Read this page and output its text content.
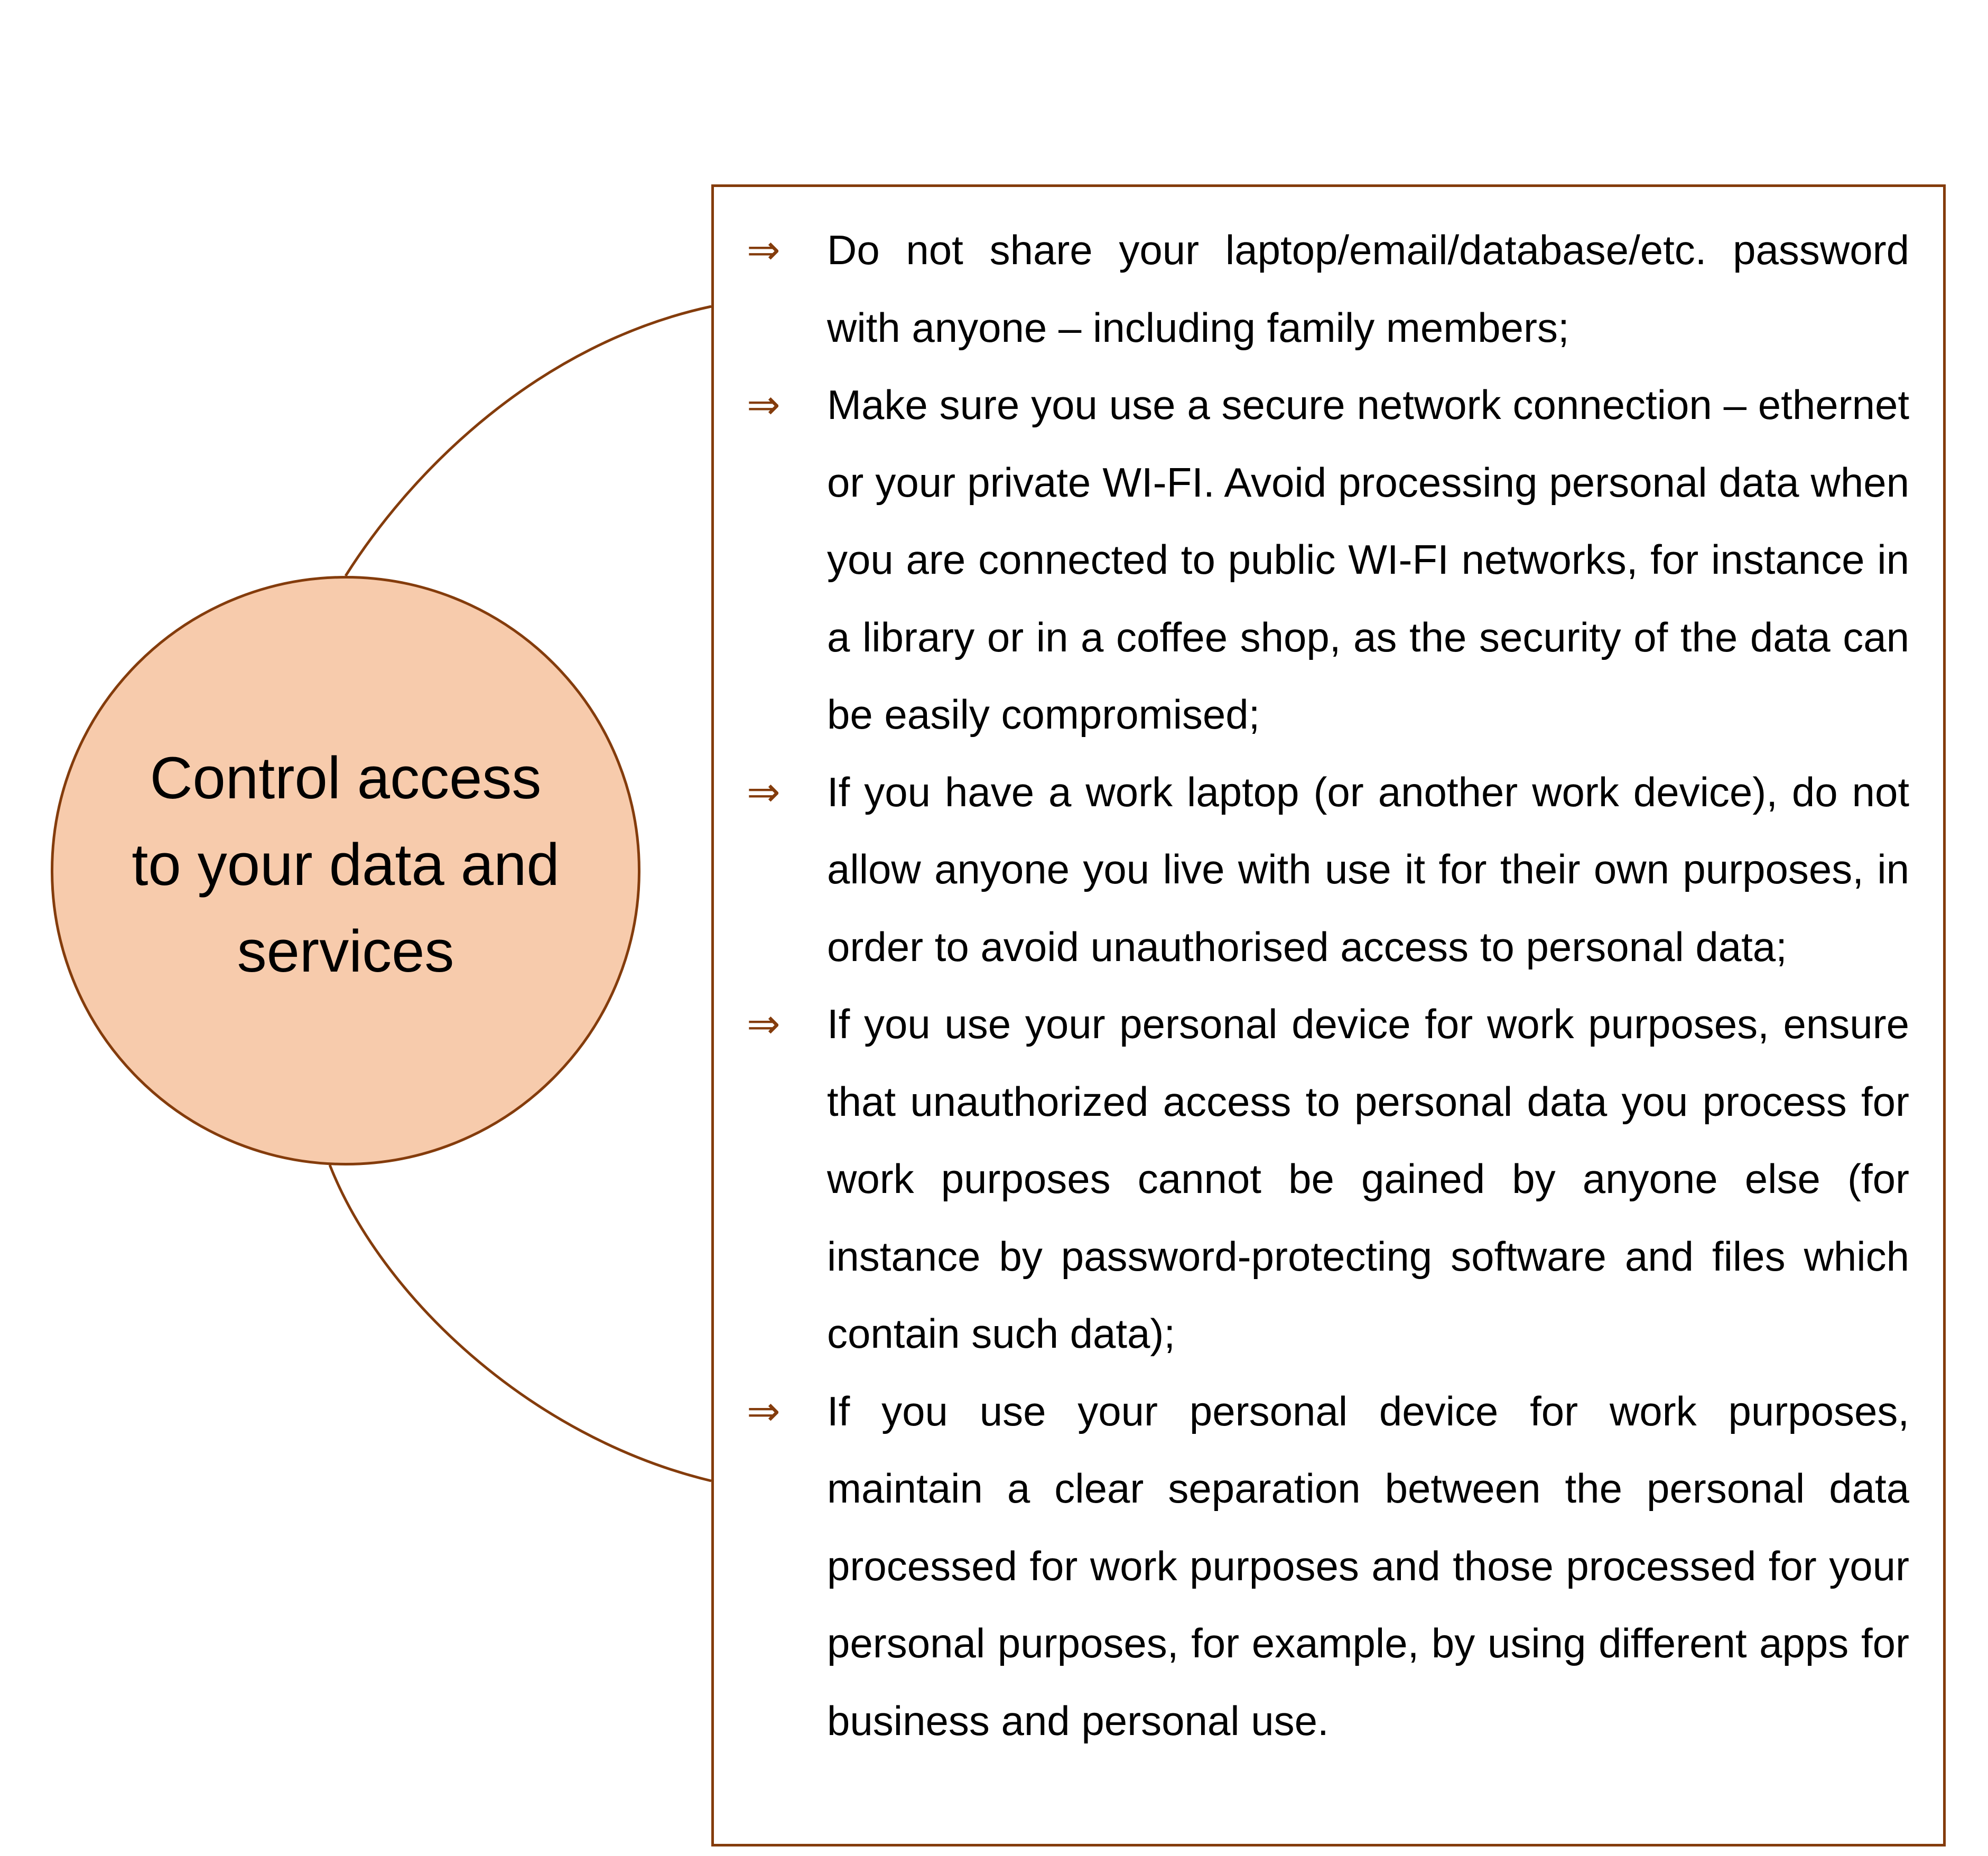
Control access to your data and services
⇒ Do not share your laptop/email/database/etc. password with anyone – including family members;
⇒ Make sure you use a secure network connection – ethernet or your private WI-FI. Avoid processing personal data when you are connected to public WI-FI networks, for instance in a library or in a coffee shop, as the security of the data can be easily compromised;
⇒ If you have a work laptop (or another work device), do not allow anyone you live with use it for their own purposes, in order to avoid unauthorised access to personal data;
⇒ If you use your personal device for work purposes, ensure that unauthorized access to personal data you process for work purposes cannot be gained by anyone else (for instance by password-protecting software and files which contain such data);
⇒ If you use your personal device for work purposes, maintain a clear separation between the personal data processed for work purposes and those processed for your personal purposes, for example, by using different apps for business and personal use.
